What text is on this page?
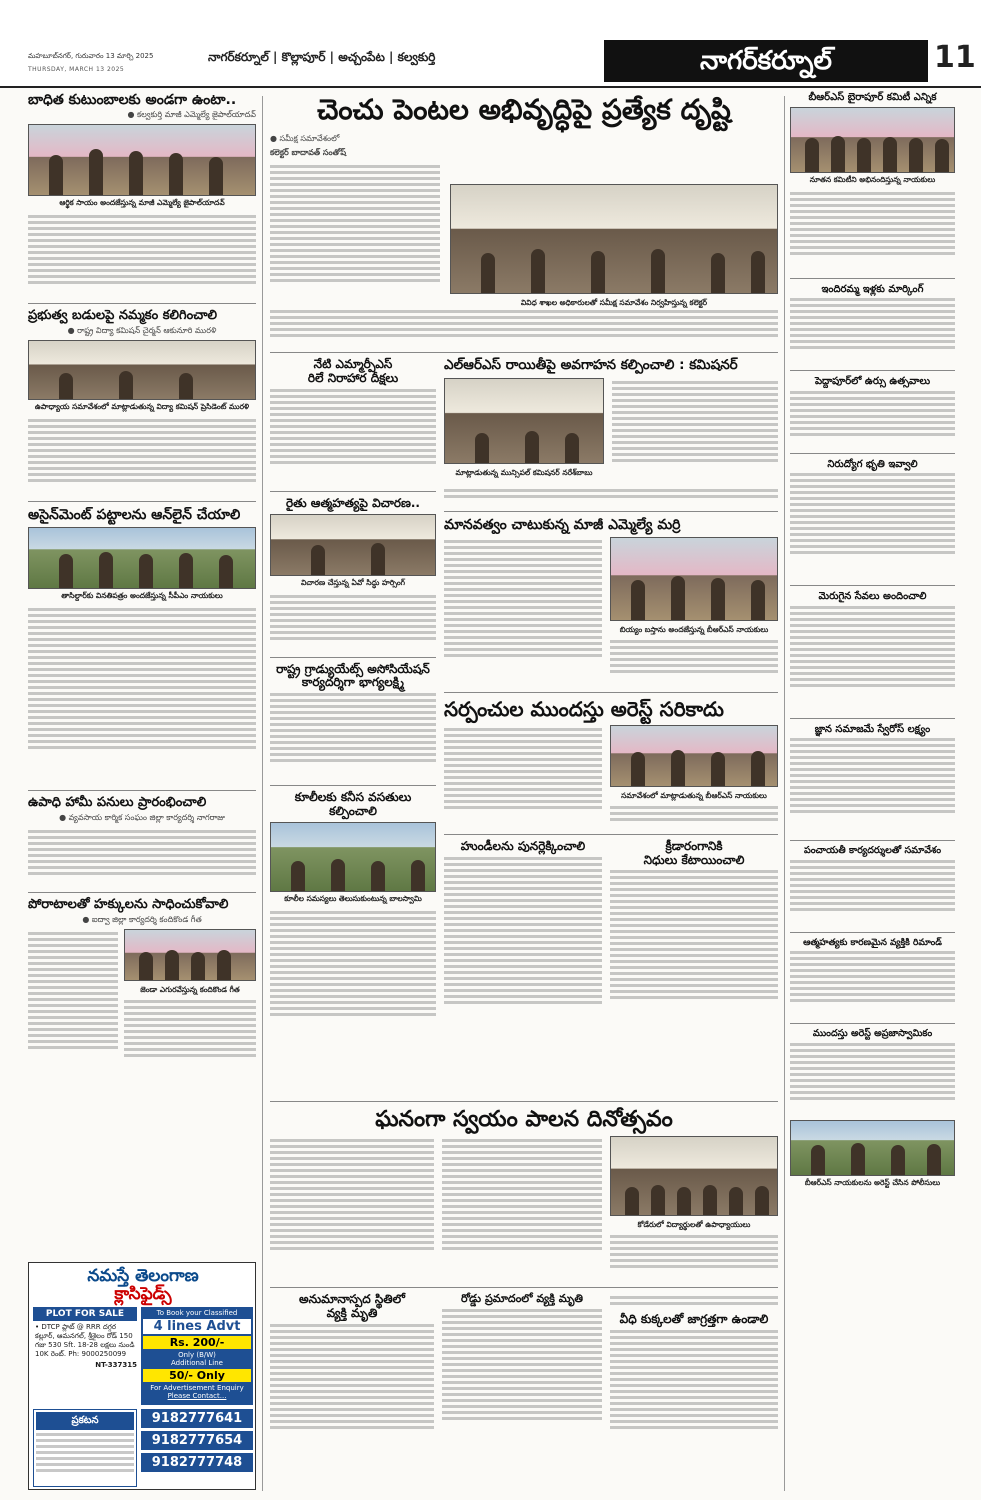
మహబూబ్‌నగర్, గురువారం 13 మార్చి 2025
THURSDAY, MARCH 13 2025
నాగర్‌కర్నూల్ | కొల్లాపూర్ | అచ్చంపేట | కల్వకుర్తి	నాగర్‌కర్నూల్	11
బాధిత కుటుంబాలకు అండగా ఉంటా..
● కల్వకుర్తి మాజీ ఎమ్మెల్యే జైపాల్‌యాదవ్
ఆర్థిక సాయం అందజేస్తున్న మాజీ ఎమ్మెల్యే జైపాల్‌యాదవ్
ప్రభుత్వ బడులపై నమ్మకం కలిగించాలి
● రాష్ట్ర విద్యా కమిషన్ చైర్మన్ ఆకునూరి మురళి
ఉపాధ్యాయ సమావేశంలో మాట్లాడుతున్న విద్యా కమిషన్ ప్రెసిడెంట్ మురళి
అసైన్‌మెంట్ పట్టాలను ఆన్‌లైన్ చేయాలి
తాసిల్దార్‌కు వినతిపత్రం అందజేస్తున్న సీపీఎం నాయకులు
ఉపాధి హామీ పనులు ప్రారంభించాలి
● వ్యవసాయ కార్మిక సంఘం జిల్లా కార్యదర్శి నాగరాజు
పోరాటాలతో హక్కులను సాధించుకోవాలి
● ఐద్వా జిల్లా కార్యదర్శి కందికొండ గీత
జెండా ఎగురవేస్తున్న కందికొండ గీత
నమస్తే తెలంగాణ
క్లాసిఫైడ్స్
PLOT FOR SALE
• DTCP ప్లాట్ @ RRR దగ్గర కల్లూర్, ఆమనగల్, శ్రీశైలం రోడ్ 150 గజు 530 Sft. 18-28 లక్షలు నుండి 10K రెంట్. Ph: 9000250099
NT-337315
To Book your Classified
4 lines Advt
Rs. 200/-
Only (B/W)
Additional Line
50/- Only
For Advertisement Enquiry
Please Contact...
ప్రకటన	9182777641
9182777654
9182777748
చెంచు పెంటల అభివృద్ధిపై ప్రత్యేక దృష్టి
● సమీక్ష సమావేశంలో
కలెక్టర్ బాదావత్ సంతోష్
వివిధ శాఖల అధికారులతో సమీక్ష సమావేశం నిర్వహిస్తున్న కలెక్టర్
నేటి ఎమ్మార్పీఎస్
రిలే నిరాహార దీక్షలు
రైతు ఆత్మహత్యపై విచారణ..
విచారణ చేస్తున్న ఏవో సిద్ధు హర్సింగ్
రాష్ట్ర గ్రాడ్యుయేట్స్ అసోసియేషన్
కార్యదర్శిగా భాగ్యలక్ష్మి
కూలీలకు కనీస వసతులు కల్పించాలి
కూలీల సమస్యలు తెలుసుకుంటున్న బాలస్వామి
ఎల్ఆర్ఎస్ రాయితీపై అవగాహన కల్పించాలి : కమిషనర్
మాట్లాడుతున్న మున్సిపల్ కమిషనర్ నరేశ్‌బాబు
మానవత్వం చాటుకున్న మాజీ ఎమ్మెల్యే మర్రి
బియ్యం బస్తాను అందజేస్తున్న బీఆర్‌ఎస్ నాయకులు
సర్పంచుల ముందస్తు అరెస్ట్ సరికాదు
సమావేశంలో మాట్లాడుతున్న బీఆర్‌ఎస్ నాయకులు
హుండీలను పునర్లెక్కించాలి	క్రీడారంగానికి
నిధులు కేటాయించాలి
ఘనంగా స్వయం పాలన దినోత్సవం
కోడేరులో విద్యార్థులతో ఉపాధ్యాయులు
అనుమానాస్పద స్థితిలో
వ్యక్తి మృతి
రోడ్డు ప్రమాదంలో వ్యక్తి మృతి
వీధి కుక్కలతో జాగ్రత్తగా ఉండాలి
బీఆర్‌ఎస్ బైరాపూర్ కమిటీ ఎన్నిక
నూతన కమిటీని అభినందిస్తున్న నాయకులు
ఇందిరమ్మ ఇళ్లకు మార్కింగ్
పెద్దాపూర్‌లో ఉర్సు ఉత్సవాలు
నిరుద్యోగ భృతి ఇవ్వాలి
మెరుగైన సేవలు అందించాలి
జ్ఞాన సమాజమే స్వేరోస్ లక్ష్యం
పంచాయతీ కార్యదర్శులతో సమావేశం
ఆత్మహత్యకు కారణమైన వ్యక్తికి రిమాండ్
ముందస్తు అరెస్ట్ అప్రజాస్వామికం
బీఆర్‌ఎస్ నాయకులను అరెస్ట్ చేసిన పోలీసులు
